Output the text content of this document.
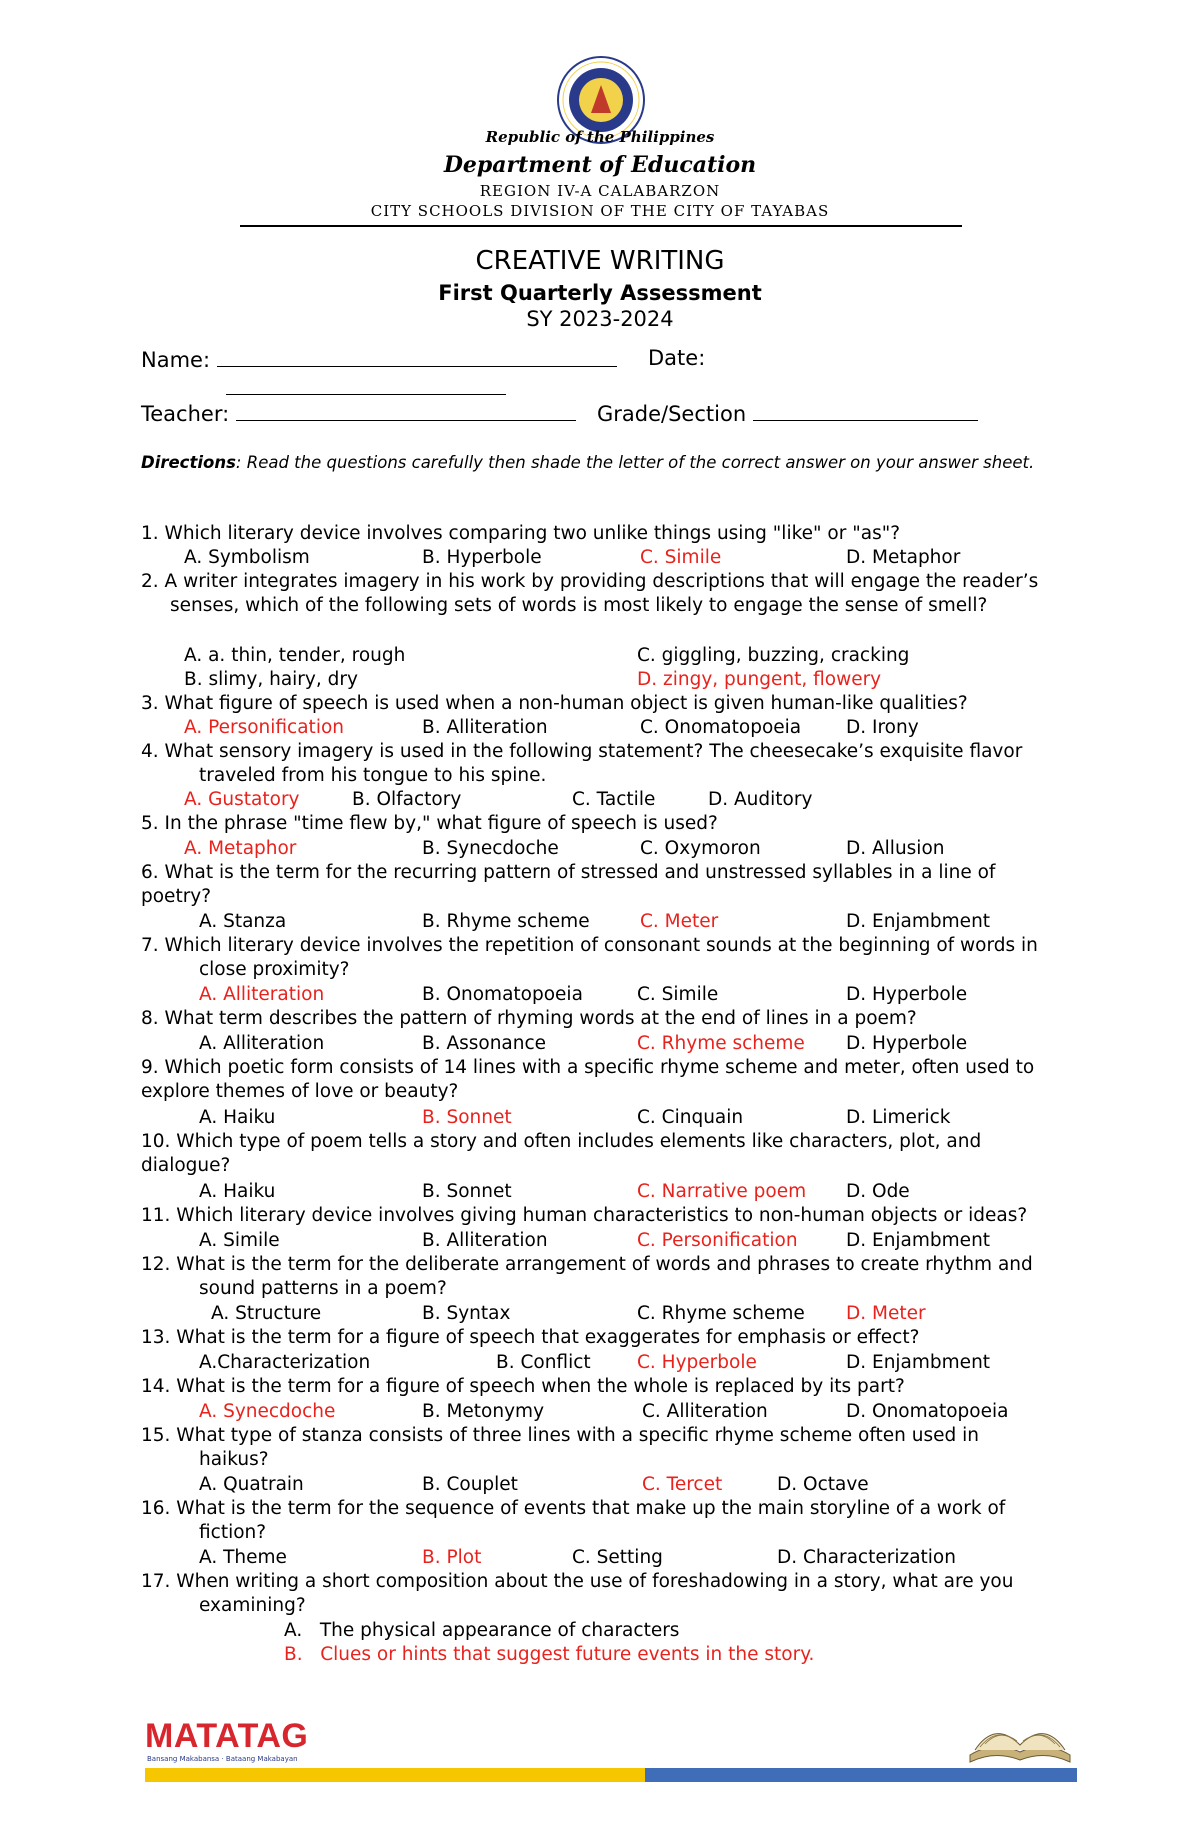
Republic of the Philippines
Department of Education
REGION IV-A CALABARZON
CITY SCHOOLS DIVISION OF THE CITY OF TAYABAS
CREATIVE WRITING
First Quarterly Assessment
SY 2023-2024
Name:	Date:
Teacher:	Grade/Section
Directions: Read the questions carefully then shade the letter of the correct answer on your answer sheet.
1. Which literary device involves comparing two unlike things using "like" or "as"?
A. Symbolism	B. Hyperbole	C. Simile	D. Metaphor
2. A writer integrates imagery in his work by providing descriptions that will engage the reader’s
senses, which of the following sets of words is most likely to engage the sense of smell?
A. a. thin, tender, rough	C. giggling, buzzing, cracking
B. slimy, hairy, dry	D. zingy, pungent, flowery
3. What figure of speech is used when a non-human object is given human-like qualities?
A. Personification	B. Alliteration	C. Onomatopoeia D. Irony
4. What sensory imagery is used in the following statement? The cheesecake’s exquisite flavor
traveled from his tongue to his spine.
A. Gustatory	B. Olfactory	C. Tactile	D. Auditory
5. In the phrase "time flew by," what figure of speech is used?
A. Metaphor	B. Synecdoche	C. Oxymoron	D. Allusion
6. What is the term for the recurring pattern of stressed and unstressed syllables in a line of
poetry?
A. Stanza	B. Rhyme scheme	C. Meter	D. Enjambment
7. Which literary device involves the repetition of consonant sounds at the beginning of words in
close proximity?
A. Alliteration	B. Onomatopoeia	C. Simile	D. Hyperbole
8. What term describes the pattern of rhyming words at the end of lines in a poem?
A. Alliteration	B. Assonance	C. Rhyme scheme D. Hyperbole
9. Which poetic form consists of 14 lines with a specific rhyme scheme and meter, often used to
explore themes of love or beauty?
A. Haiku	B. Sonnet	C. Cinquain	D. Limerick
10. Which type of poem tells a story and often includes elements like characters, plot, and
dialogue?
A. Haiku	B. Sonnet	C. Narrative poem D. Ode
11. Which literary device involves giving human characteristics to non-human objects or ideas?
A. Simile	B. Alliteration	C. Personification	D. Enjambment
12. What is the term for the deliberate arrangement of words and phrases to create rhythm and
sound patterns in a poem?
A. Structure	B. Syntax	C. Rhyme scheme D. Meter
13. What is the term for a figure of speech that exaggerates for emphasis or effect?
A.Characterization	B. Conflict	C. Hyperbole	D. Enjambment
14. What is the term for a figure of speech when the whole is replaced by its part?
A. Synecdoche	B. Metonymy	C. Alliteration	D. Onomatopoeia
15. What type of stanza consists of three lines with a specific rhyme scheme often used in
haikus?
A. Quatrain	B. Couplet	C. Tercet	D. Octave
16. What is the term for the sequence of events that make up the main storyline of a work of
fiction?
A. Theme	B. Plot	C. Setting	D. Characterization
17. When writing a short composition about the use of foreshadowing in a story, what are you
examining?
A.   The physical appearance of characters
B.   Clues or hints that suggest future events in the story.
MATATAG
Bansang Makabansa · Bataang Makabayan
